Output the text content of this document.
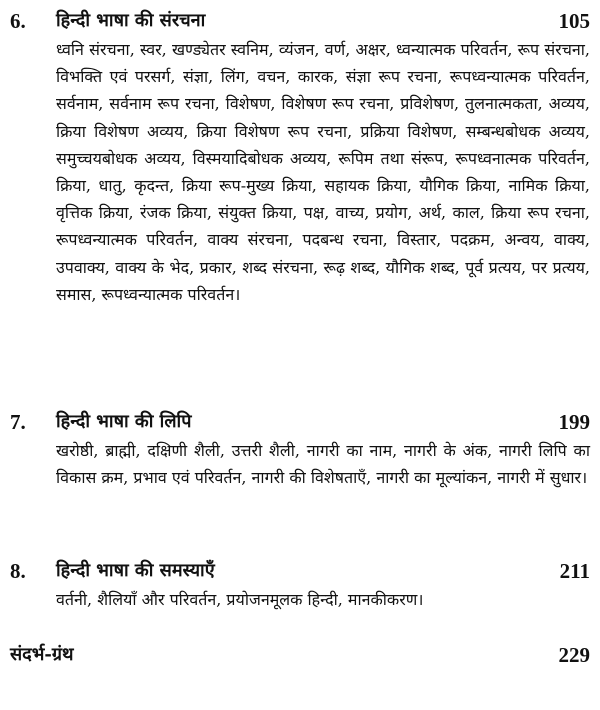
6.	हिन्दी भाषा की संरचना	105

ध्वनि संरचना, स्वर, खण्ड्येतर स्वनिम, व्यंजन, वर्ण, अक्षर, ध्वन्यात्मक परिवर्तन, रूप संरचना, विभक्ति एवं परसर्ग, संज्ञा, लिंग, वचन, कारक, संज्ञा रूप रचना, रूपध्वन्यात्मक परिवर्तन, सर्वनाम, सर्वनाम रूप रचना, विशेषण, विशेषण रूप रचना, प्रविशेषण, तुलनात्मकता, अव्यय, क्रिया विशेषण अव्यय, क्रिया विशेषण रूप रचना, प्रक्रिया विशेषण, सम्बन्धबोधक अव्यय, समुच्चयबोधक अव्यय, विस्मयादिबोधक अव्यय, रूपिम तथा संरूप, रूपध्वनात्मक परिवर्तन, क्रिया, धातु, कृदन्त, क्रिया रूप-मुख्य क्रिया, सहायक क्रिया, यौगिक क्रिया, नामिक क्रिया, वृत्तिक क्रिया, रंजक क्रिया, संयुक्त क्रिया, पक्ष, वाच्य, प्रयोग, अर्थ, काल, क्रिया रूप रचना, रूपध्वन्यात्मक परिवर्तन, वाक्य संरचना, पदबन्ध रचना, विस्तार, पदक्रम, अन्वय, वाक्य, उपवाक्य, वाक्य के भेद, प्रकार, शब्द संरचना, रूढ़ शब्द, यौगिक शब्द, पूर्व प्रत्यय, पर प्रत्यय, समास, रूपध्वन्यात्मक परिवर्तन।

7.	हिन्दी भाषा की लिपि	199

खरोष्ठी, ब्राह्मी, दक्षिणी शैली, उत्तरी शैली, नागरी का नाम, नागरी के अंक, नागरी लिपि का विकास क्रम, प्रभाव एवं परिवर्तन, नागरी की विशेषताएँ, नागरी का मूल्यांकन, नागरी में सुधार।

8.	हिन्दी भाषा की समस्याएँ	211

वर्तनी, शैलियाँ और परिवर्तन, प्रयोजनमूलक हिन्दी, मानकीकरण।

संदर्भ-ग्रंथ	229
